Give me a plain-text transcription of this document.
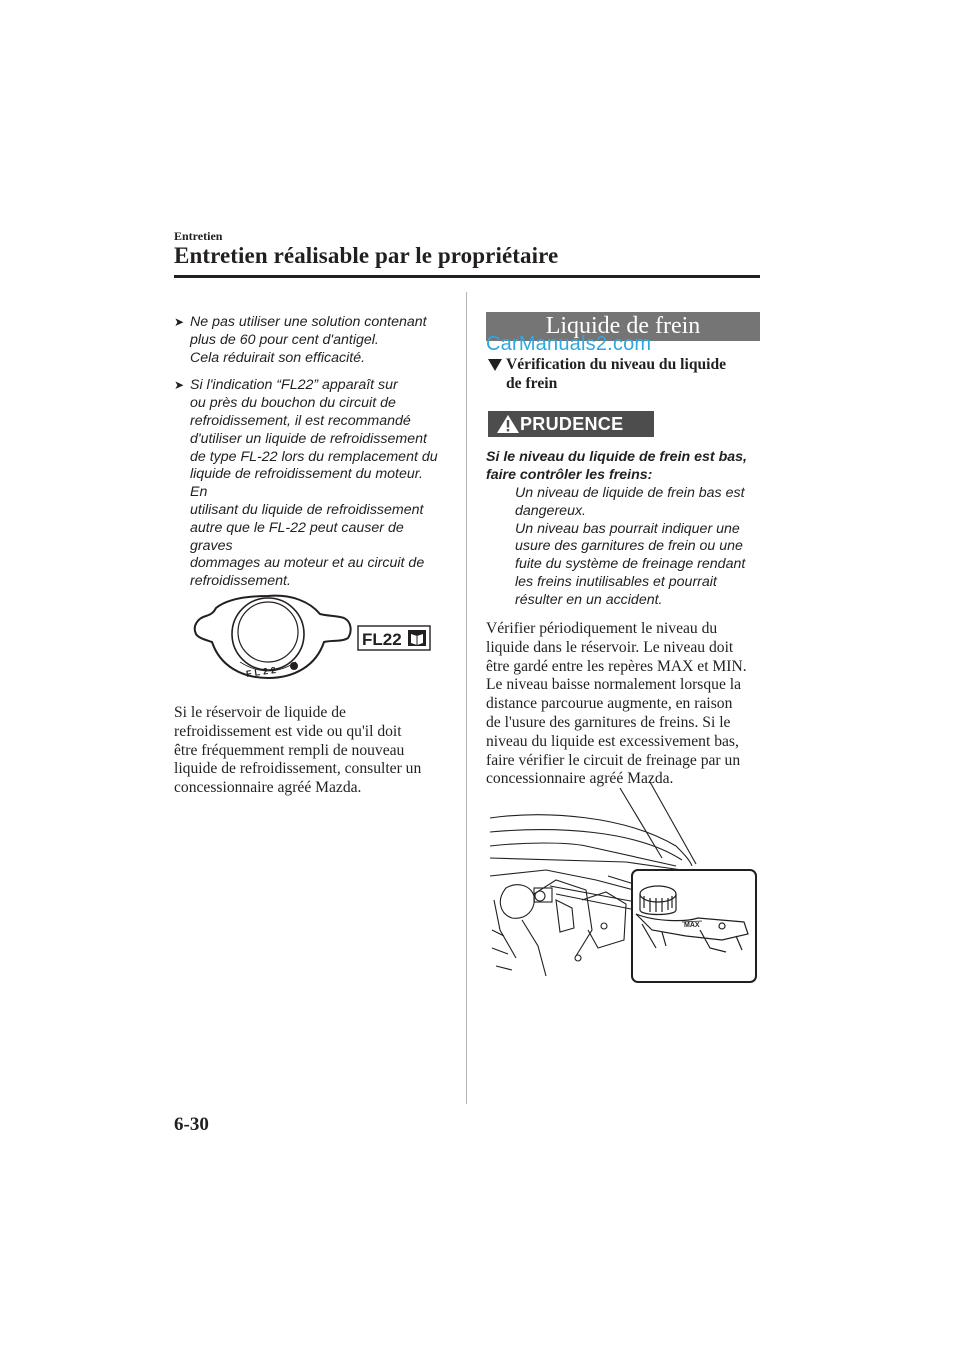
Entretien
Entretien réalisable par le propriétaire
➤ Ne pas utiliser une solution contenant

plus de 60 pour cent d'antigel.

Cela réduirait son efficacité.

➤ Si l'indication “FL22” apparaît sur

ou près du bouchon du circuit de

refroidissement, il est recommandé

d'utiliser un liquide de refroidissement

de type FL-22 lors du remplacement du

liquide de refroidissement du moteur. En

utilisant du liquide de refroidissement

autre que le FL-22 peut causer de graves

dommages au moteur et au circuit de

refroidissement.

FL22
FL22
Si le réservoir de liquide de
refroidissement est vide ou qu'il doit
être fréquemment rempli de nouveau
liquide de refroidissement, consulter un
concessionnaire agréé Mazda.
Liquide de frein
CarManuals2.com
Vérification du niveau du liquide
de frein
PRUDENCE
Si le niveau du liquide de frein est bas,
faire contrôler les freins:
Un niveau de liquide de frein bas est
dangereux.
Un niveau bas pourrait indiquer une
usure des garnitures de frein ou une
fuite du système de freinage rendant
les freins inutilisables et pourrait
résulter en un accident.
Vérifier périodiquement le niveau du
liquide dans le réservoir. Le niveau doit
être gardé entre les repères MAX et MIN.
Le niveau baisse normalement lorsque la
distance parcourue augmente, en raison
de l'usure des garnitures de freins. Si le
niveau du liquide est excessivement bas,
faire vérifier le circuit de freinage par un
concessionnaire agréé Mazda.
MAX
6-30
